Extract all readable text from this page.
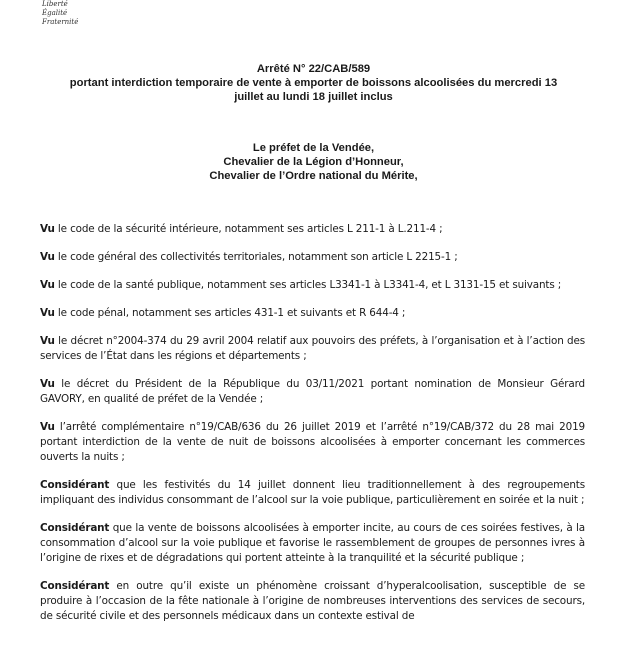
Liberté
Égalité
Fraternité
Arrêté N° 22/CAB/589
portant interdiction temporaire de vente à emporter de boissons alcoolisées du mercredi 13
juillet au lundi 18 juillet inclus
Le préfet de la Vendée,
Chevalier de la Légion d’Honneur,
Chevalier de l’Ordre national du Mérite,

Vu le code de la sécurité intérieure, notamment ses articles L 211-1 à L.211-4 ;

Vu le code général des collectivités territoriales, notamment son article L 2215-1 ;

Vu le code de la santé publique, notamment ses articles L3341-1 à L3341-4, et L 3131-15 et suivants ;

Vu le code pénal, notamment ses articles 431-1 et suivants et R 644-4 ;

Vu le décret n°2004-374 du 29 avril 2004 relatif aux pouvoirs des préfets, à l’organisation et à l’action des services de l’État dans les régions et départements ;

Vu le décret du Président de la République du 03/11/2021 portant nomination de Monsieur Gérard GAVORY, en qualité de préfet de la Vendée ;

Vu l’arrêté complémentaire n°19/CAB/636 du 26 juillet 2019 et l’arrêté n°19/CAB/372 du 28 mai 2019 portant interdiction de la vente de nuit de boissons alcoolisées à emporter concernant les commerces ouverts la nuits ;

Considérant que les festivités du 14 juillet donnent lieu traditionnellement à des regroupements impliquant des individus consommant de l’alcool sur la voie publique, particulièrement en soirée et la nuit ;

Considérant que la vente de boissons alcoolisées à emporter incite, au cours de ces soirées festives, à la consommation d’alcool sur la voie publique et favorise le rassemblement de groupes de personnes ivres à l’origine de rixes et de dégradations qui portent atteinte à la tranquilité et la sécurité publique ;

Considérant en outre qu’il existe un phénomène croissant d’hyperalcoolisation, susceptible de se produire à l’occasion de la fête nationale à l’origine de nombreuses interventions des services de secours, de sécurité civile et des personnels médicaux dans un contexte estival de
